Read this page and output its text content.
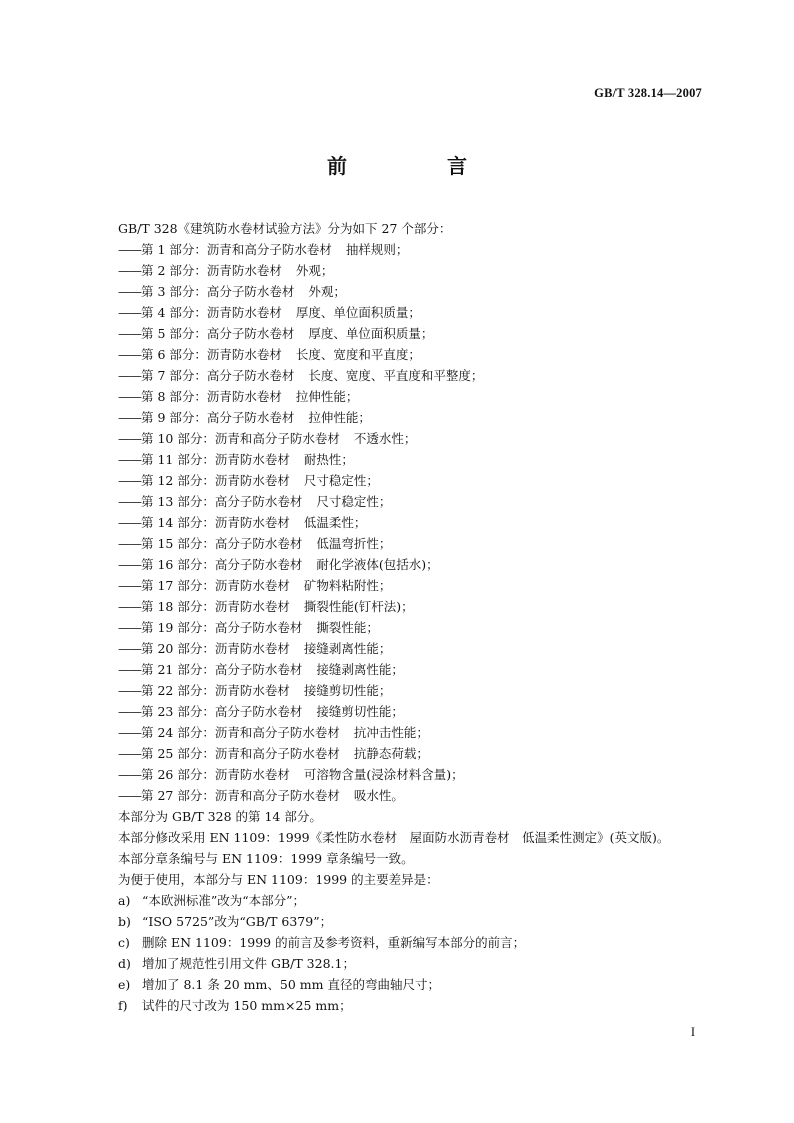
GB/T 328.14—2007
前　言
GB/T 328《建筑防水卷材试验方法》分为如下 27 个部分：
——第 1 部分：沥青和高分子防水卷材 抽样规则；
——第 2 部分：沥青防水卷材 外观；
——第 3 部分：高分子防水卷材 外观；
——第 4 部分：沥青防水卷材 厚度、单位面积质量；
——第 5 部分：高分子防水卷材 厚度、单位面积质量；
——第 6 部分：沥青防水卷材 长度、宽度和平直度；
——第 7 部分：高分子防水卷材 长度、宽度、平直度和平整度；
——第 8 部分：沥青防水卷材 拉伸性能；
——第 9 部分：高分子防水卷材 拉伸性能；
——第 10 部分：沥青和高分子防水卷材 不透水性；
——第 11 部分：沥青防水卷材 耐热性；
——第 12 部分：沥青防水卷材 尺寸稳定性；
——第 13 部分：高分子防水卷材 尺寸稳定性；
——第 14 部分：沥青防水卷材 低温柔性；
——第 15 部分：高分子防水卷材 低温弯折性；
——第 16 部分：高分子防水卷材 耐化学液体(包括水)；
——第 17 部分：沥青防水卷材 矿物料粘附性；
——第 18 部分：沥青防水卷材 撕裂性能(钉杆法)；
——第 19 部分：高分子防水卷材 撕裂性能；
——第 20 部分：沥青防水卷材 接缝剥离性能；
——第 21 部分：高分子防水卷材 接缝剥离性能；
——第 22 部分：沥青防水卷材 接缝剪切性能；
——第 23 部分：高分子防水卷材 接缝剪切性能；
——第 24 部分：沥青和高分子防水卷材 抗冲击性能；
——第 25 部分：沥青和高分子防水卷材 抗静态荷载；
——第 26 部分：沥青防水卷材 可溶物含量(浸涂材料含量)；
——第 27 部分：沥青和高分子防水卷材 吸水性。
本部分为 GB/T 328 的第 14 部分。
本部分修改采用 EN 1109：1999《柔性防水卷材　屋面防水沥青卷材　低温柔性测定》(英文版)。
本部分章条编号与 EN 1109：1999 章条编号一致。
为便于使用，本部分与 EN 1109：1999 的主要差异是：
a) “本欧洲标准”改为“本部分”；
b) “ISO 5725”改为“GB/T 6379”；
c) 删除 EN 1109：1999 的前言及参考资料，重新编写本部分的前言；
d) 增加了规范性引用文件 GB/T 328.1；
e) 增加了 8.1 条 20 mm、50 mm 直径的弯曲轴尺寸；
f) 试件的尺寸改为 150 mm×25 mm；
I
